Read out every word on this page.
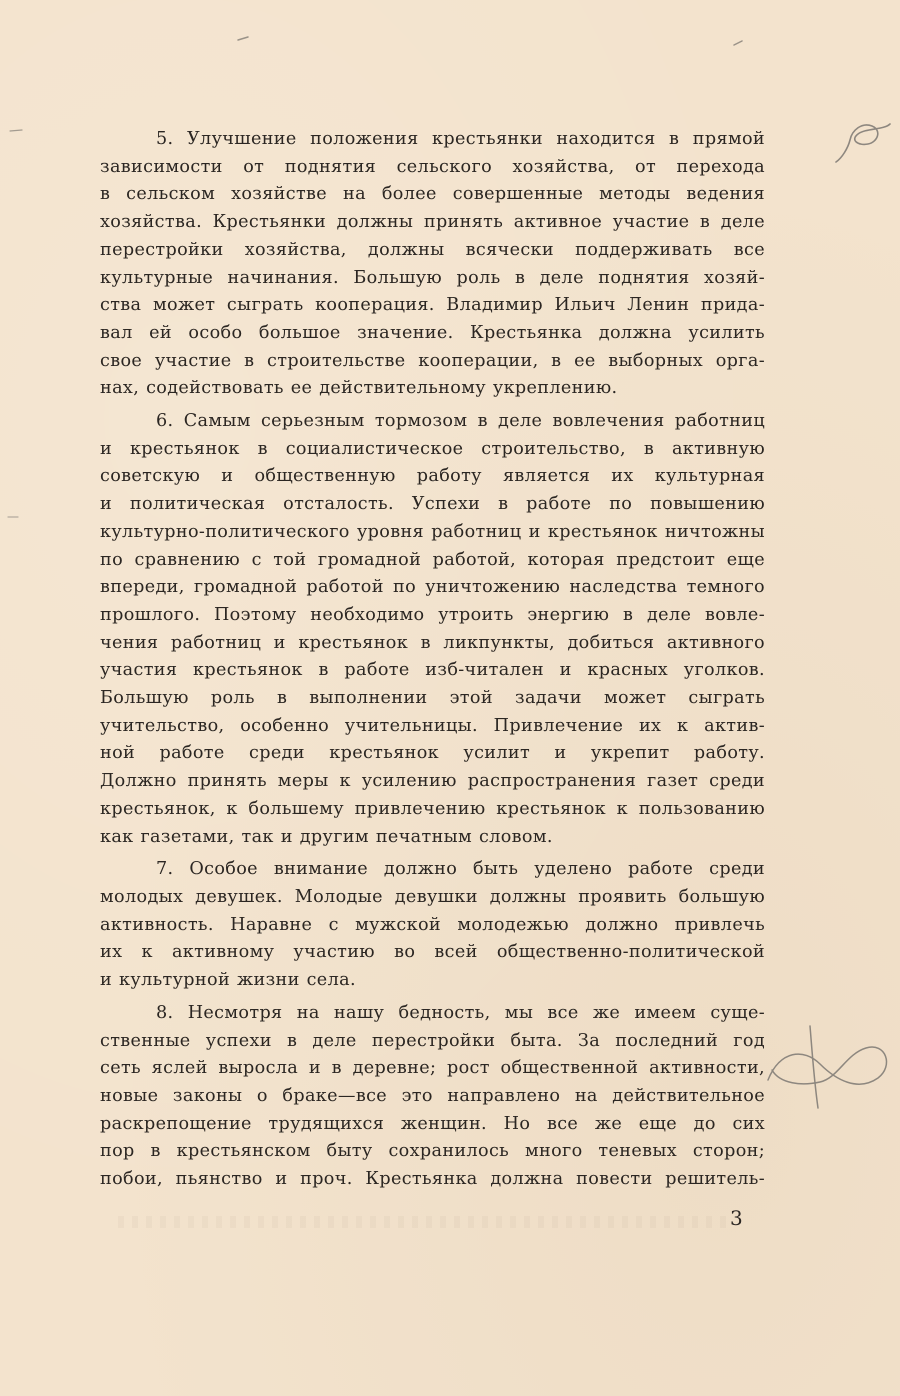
5. Улучшение положения крестьянки находится в прямой
зависимости от поднятия сельского хозяйства, от перехода
в сельском хозяйстве на более совершенные методы ведения
хозяйства. Крестьянки должны принять активное участие в деле
перестройки хозяйства, должны всячески поддерживать все
культурные начинания. Большую роль в деле поднятия хозяй-
ства может сыграть кооперация. Владимир Ильич Ленин прида-
вал ей особо большое значение. Крестьянка должна усилить
свое участие в строительстве кооперации, в ее выборных орга-
нах, содействовать ее действительному укреплению.
6. Самым серьезным тормозом в деле вовлечения работниц
и крестьянок в социалистическое строительство, в активную
советскую и общественную работу является их культурная
и политическая отсталость. Успехи в работе по повышению
культурно-политического уровня работниц и крестьянок ничтожны
по сравнению с той громадной работой, которая предстоит еще
впереди, громадной работой по уничтожению наследства темного
прошлого. Поэтому необходимо утроить энергию в деле вовле-
чения работниц и крестьянок в ликпункты, добиться активного
участия крестьянок в работе изб-читален и красных уголков.
Большую роль в выполнении этой задачи может сыграть
учительство, особенно учительницы. Привлечение их к актив-
ной работе среди крестьянок усилит и укрепит работу.
Должно принять меры к усилению распространения газет среди
крестьянок, к большему привлечению крестьянок к пользованию
как газетами, так и другим печатным словом.
7. Особое внимание должно быть уделено работе среди
молодых девушек. Молодые девушки должны проявить большую
активность. Наравне с мужской молодежью должно привлечь
их к активному участию во всей общественно-политической
и культурной жизни села.
8. Несмотря на нашу бедность, мы все же имеем суще-
ственные успехи в деле перестройки быта. За последний год
сеть яслей выросла и в деревне; рост общественной активности,
новые законы о браке—все это направлено на действительное
раскрепощение трудящихся женщин. Но все же еще до сих
пор в крестьянском быту сохранилось много теневых сторон;
побои, пьянство и проч. Крестьянка должна повести решитель-
3
